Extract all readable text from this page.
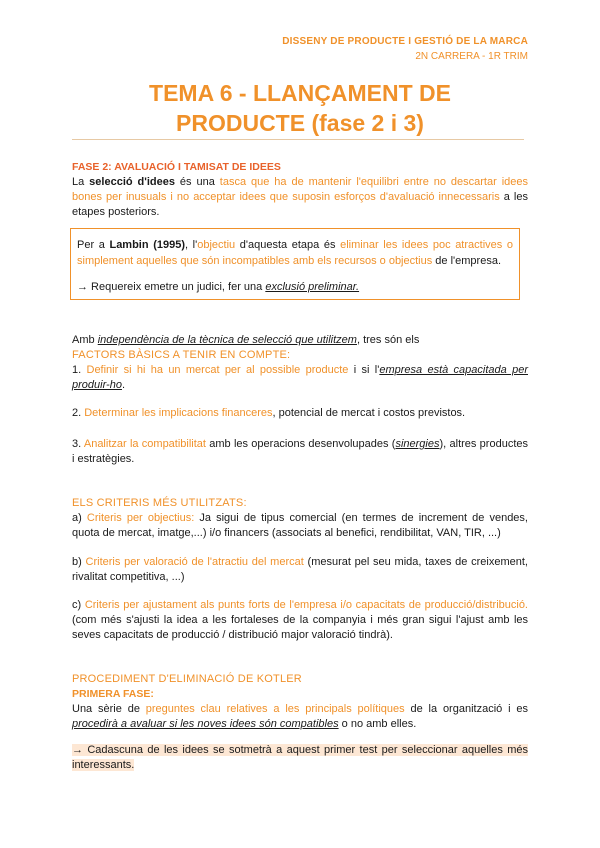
DISSENY DE PRODUCTE I GESTIÓ DE LA MARCA
2N CARRERA - 1R TRIM
TEMA 6 - LLANÇAMENT DE
PRODUCTE (fase 2 i 3)
FASE 2: AVALUACIÓ I TAMISAT DE IDEES
La selecció d'idees és una tasca que ha de mantenir l'equilibri entre no descartar idees bones per inusuals i no acceptar idees que suposin esforços d'avaluació innecessaris a les etapes posteriors.
Per a Lambin (1995), l'objectiu d'aquesta etapa és eliminar les idees poc atractives o simplement aquelles que són incompatibles amb els recursos o objectius de l'empresa.
→ Requereix emetre un judici, fer una exclusió preliminar.
Amb independència de la tècnica de selecció que utilitzem, tres són els
FACTORS BÀSICS A TENIR EN COMPTE:
1. Definir si hi ha un mercat per al possible producte i si l'empresa està capacitada per produir-ho.
2. Determinar les implicacions financeres, potencial de mercat i costos previstos.
3. Analitzar la compatibilitat amb les operacions desenvolupades (sinergies), altres productes i estratègies.
ELS CRITERIS MÉS UTILITZATS:
a) Criteris per objectius: Ja sigui de tipus comercial (en termes de increment de vendes, quota de mercat, imatge,...) i/o financers (associats al benefici, rendibilitat, VAN, TIR, ...)
b) Criteris per valoració de l'atractiu del mercat (mesurat pel seu mida, taxes de creixement, rivalitat competitiva, ...)
c) Criteris per ajustament als punts forts de l'empresa i/o capacitats de producció/distribució. (com més s'ajusti la idea a les fortaleses de la companyia i més gran sigui l'ajust amb les seves capacitats de producció / distribució major valoració tindrà).
PROCEDIMENT D'ELIMINACIÓ DE KOTLER
PRIMERA FASE:
Una sèrie de preguntes clau relatives a les principals polítiques de la organització i es procedirà a avaluar si les noves idees són compatibles o no amb elles.
→ Cadascuna de les idees se sotmetrà a aquest primer test per seleccionar aquelles més interessants.
